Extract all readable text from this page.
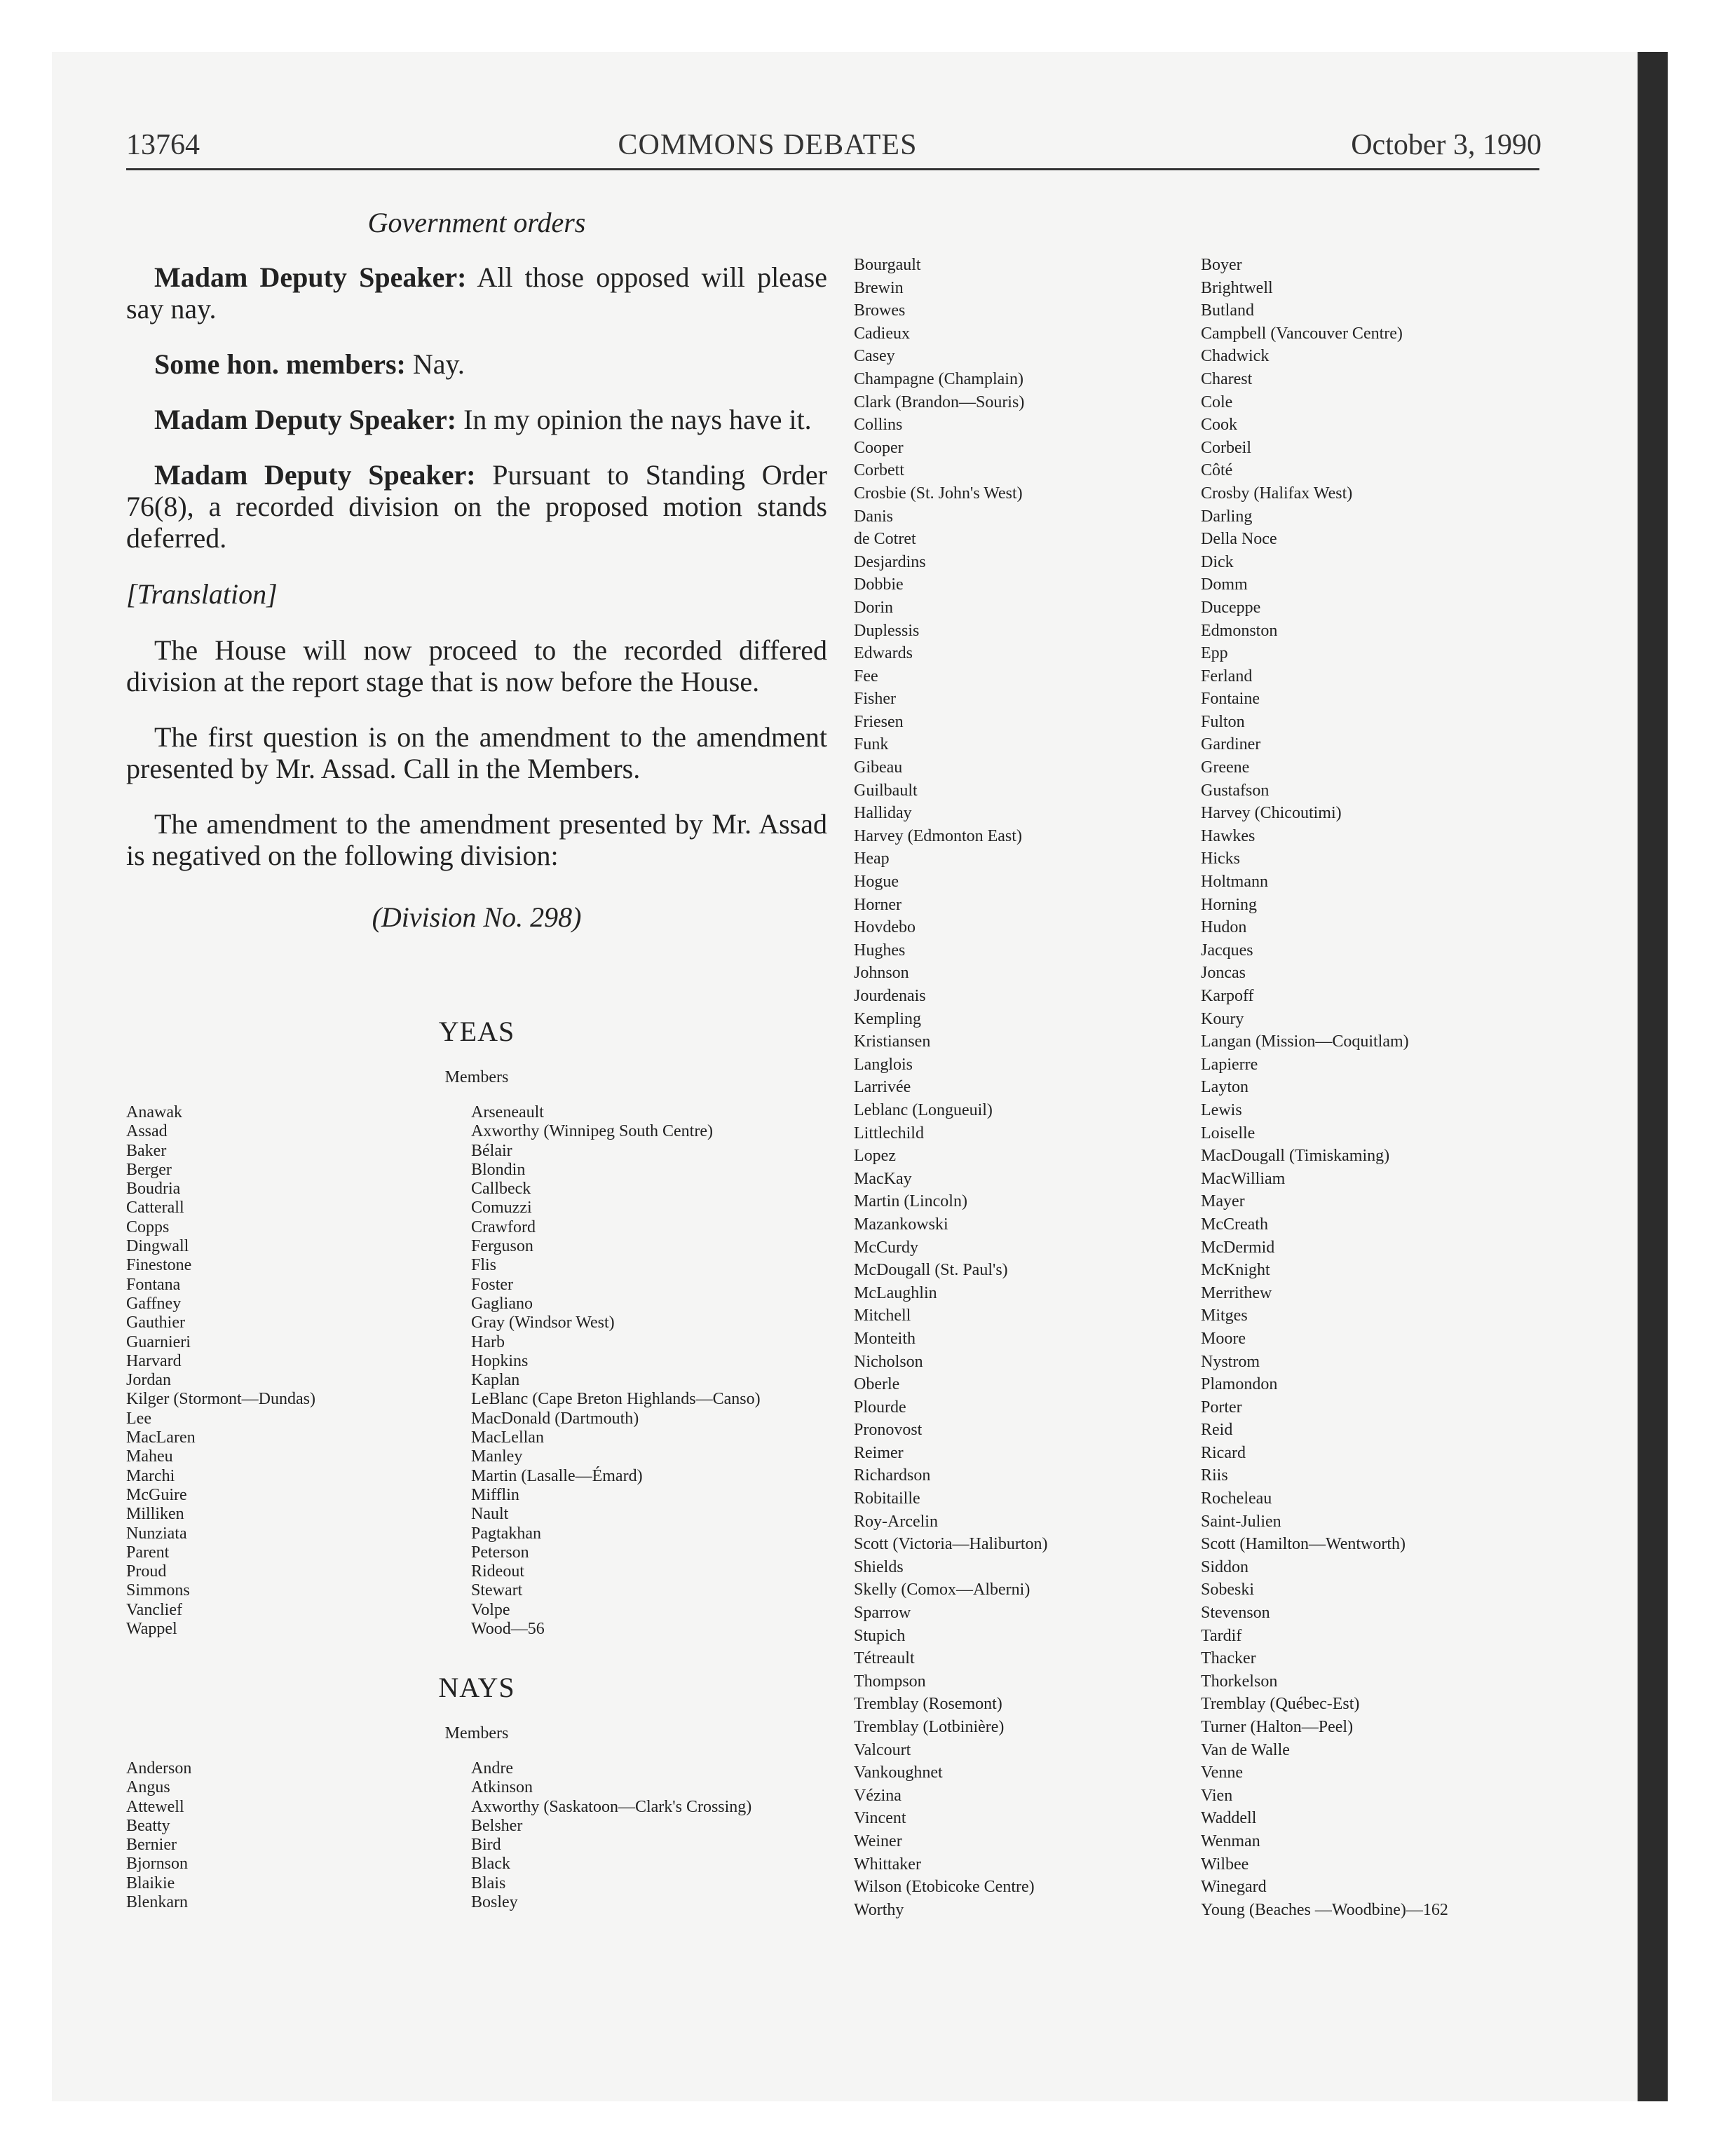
13764	COMMONS DEBATES	October 3, 1990
Government orders

Madam Deputy Speaker: All those opposed will please say nay.

Some hon. members: Nay.

Madam Deputy Speaker: In my opinion the nays have it.

Madam Deputy Speaker: Pursuant to Standing Order 76(8), a recorded division on the proposed motion stands deferred.

[Translation]

The House will now proceed to the recorded differed division at the report stage that is now before the House.

The first question is on the amendment to the amendment presented by Mr. Assad. Call in the Members.

The amendment to the amendment presented by Mr. Assad is negatived on the following division:

(Division No. 298)
YEAS
Members
Anawak
Assad
Baker
Berger
Boudria
Catterall
Copps
Dingwall
Finestone
Fontana
Gaffney
Gauthier
Guarnieri
Harvard
Jordan
Kilger (Stormont—Dundas)
Lee
MacLaren
Maheu
Marchi
McGuire
Milliken
Nunziata
Parent
Proud
Simmons
Vanclief
Wappel
Arseneault
Axworthy (Winnipeg South Centre)
Bélair
Blondin
Callbeck
Comuzzi
Crawford
Ferguson
Flis
Foster
Gagliano
Gray (Windsor West)
Harb
Hopkins
Kaplan
LeBlanc (Cape Breton Highlands—Canso)
MacDonald (Dartmouth)
MacLellan
Manley
Martin (Lasalle—Émard)
Mifflin
Nault
Pagtakhan
Peterson
Rideout
Stewart
Volpe
Wood—56
NAYS
Members
Anderson
Angus
Attewell
Beatty
Bernier
Bjornson
Blaikie
Blenkarn
Andre
Atkinson
Axworthy (Saskatoon—Clark's Crossing)
Belsher
Bird
Black
Blais
Bosley
Bourgault
Brewin
Browes
Cadieux
Casey
Champagne (Champlain)
Clark (Brandon—Souris)
Collins
Cooper
Corbett
Crosbie (St. John's West)
Danis
de Cotret
Desjardins
Dobbie
Dorin
Duplessis
Edwards
Fee
Fisher
Friesen
Funk
Gibeau
Guilbault
Halliday
Harvey (Edmonton East)
Heap
Hogue
Horner
Hovdebo
Hughes
Johnson
Jourdenais
Kempling
Kristiansen
Langlois
Larrivée
Leblanc (Longueuil)
Littlechild
Lopez
MacKay
Martin (Lincoln)
Mazankowski
McCurdy
McDougall (St. Paul's)
McLaughlin
Mitchell
Monteith
Nicholson
Oberle
Plourde
Pronovost
Reimer
Richardson
Robitaille
Roy-Arcelin
Scott (Victoria—Haliburton)
Shields
Skelly (Comox—Alberni)
Sparrow
Stupich
Tétreault
Thompson
Tremblay (Rosemont)
Tremblay (Lotbinière)
Valcourt
Vankoughnet
Vézina
Vincent
Weiner
Whittaker
Wilson (Etobicoke Centre)
Worthy
Boyer
Brightwell
Butland
Campbell (Vancouver Centre)
Chadwick
Charest
Cole
Cook
Corbeil
Côté
Crosby (Halifax West)
Darling
Della Noce
Dick
Domm
Duceppe
Edmonston
Epp
Ferland
Fontaine
Fulton
Gardiner
Greene
Gustafson
Harvey (Chicoutimi)
Hawkes
Hicks
Holtmann
Horning
Hudon
Jacques
Joncas
Karpoff
Koury
Langan (Mission—Coquitlam)
Lapierre
Layton
Lewis
Loiselle
MacDougall (Timiskaming)
MacWilliam
Mayer
McCreath
McDermid
McKnight
Merrithew
Mitges
Moore
Nystrom
Plamondon
Porter
Reid
Ricard
Riis
Rocheleau
Saint-Julien
Scott (Hamilton—Wentworth)
Siddon
Sobeski
Stevenson
Tardif
Thacker
Thorkelson
Tremblay (Québec-Est)
Turner (Halton—Peel)
Van de Walle
Venne
Vien
Waddell
Wenman
Wilbee
Winegard
Young (Beaches —Woodbine)—162
